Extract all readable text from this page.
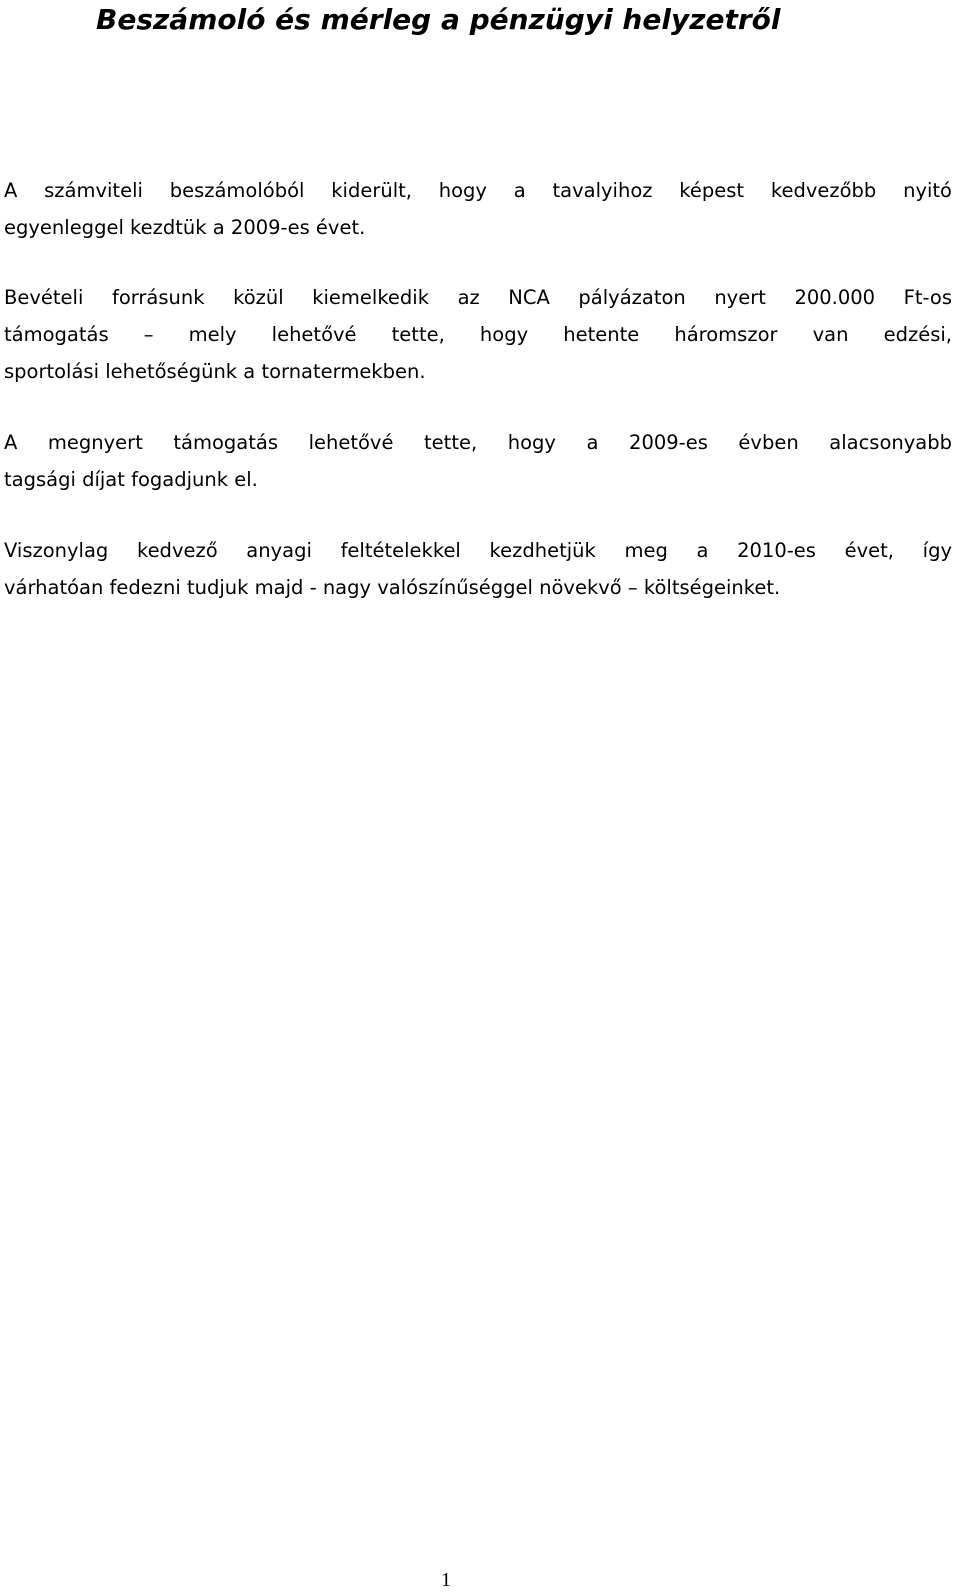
Beszámoló és mérleg a pénzügyi helyzetről

A számviteli beszámolóból kiderült, hogy a tavalyihoz képest kedvezőbb nyitó
egyenleggel kezdtük a 2009-es évet.

Bevételi forrásunk közül kiemelkedik az NCA pályázaton nyert 200.000 Ft-os
támogatás – mely lehetővé tette, hogy hetente háromszor van edzési,
sportolási lehetőségünk a tornatermekben.

A megnyert támogatás lehetővé tette, hogy a 2009-es évben alacsonyabb
tagsági díjat fogadjunk el.

Viszonylag kedvező anyagi feltételekkel kezdhetjük meg a 2010-es évet, így
várhatóan fedezni tudjuk majd - nagy valószínűséggel növekvő – költségeinket.

1
